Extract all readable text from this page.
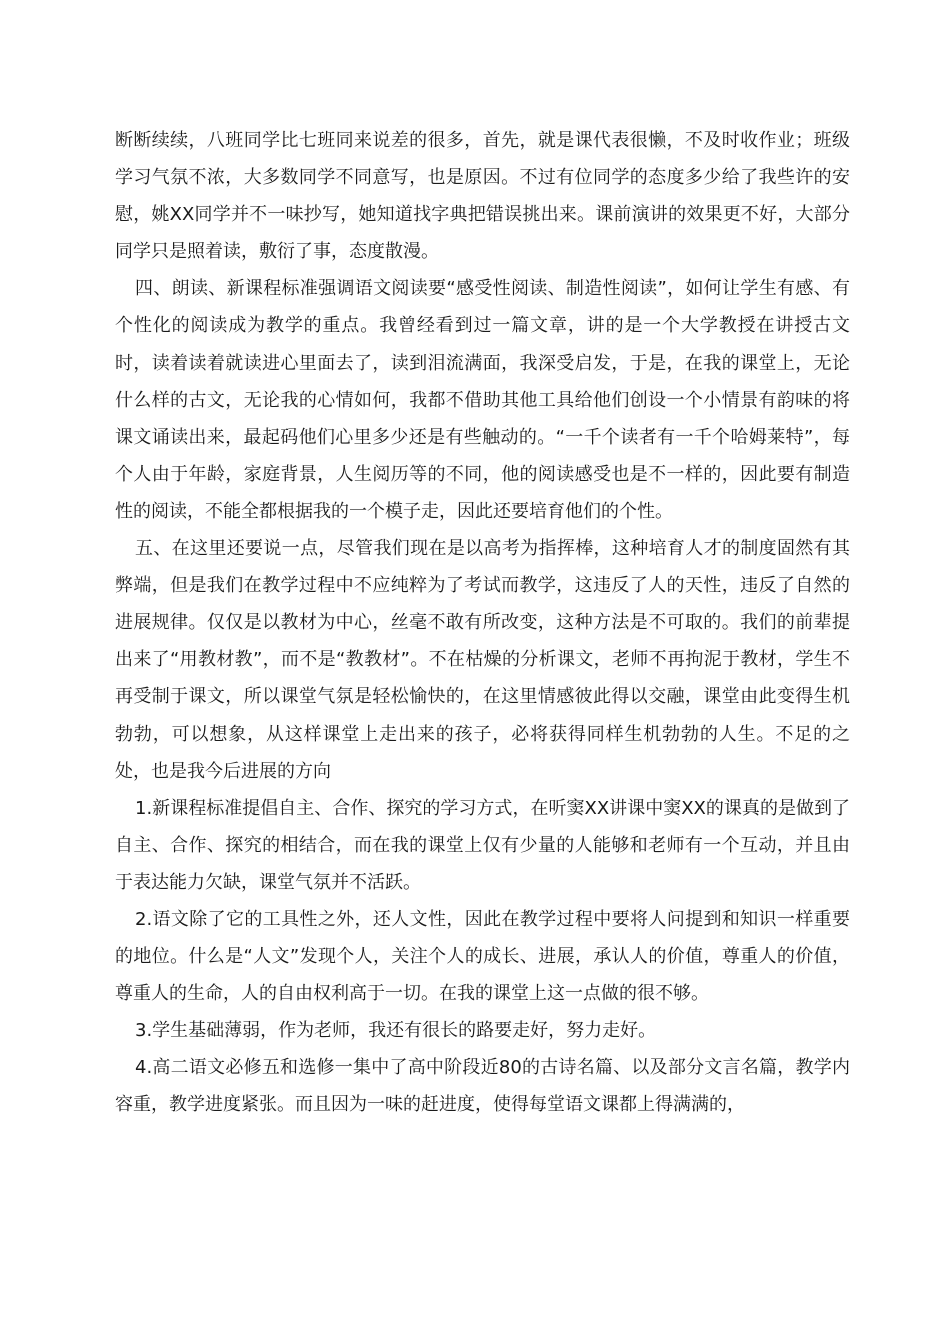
断断续续，八班同学比七班同来说差的很多，首先，就是课代表很懒，不及时收作业；班级学习气氛不浓，大多数同学不同意写，也是原因。不过有位同学的态度多少给了我些许的安慰，姚XX同学并不一味抄写，她知道找字典把错误挑出来。课前演讲的效果更不好，大部分同学只是照着读，敷衍了事，态度散漫。

四、朗读、新课程标准强调语文阅读要“感受性阅读、制造性阅读”，如何让学生有感、有个性化的阅读成为教学的重点。我曾经看到过一篇文章，讲的是一个大学教授在讲授古文时，读着读着就读进心里面去了，读到泪流满面，我深受启发，于是，在我的课堂上，无论什么样的古文，无论我的心情如何，我都不借助其他工具给他们创设一个小情景有韵味的将课文诵读出来，最起码他们心里多少还是有些触动的。“一千个读者有一千个哈姆莱特”，每个人由于年龄，家庭背景，人生阅历等的不同，他的阅读感受也是不一样的，因此要有制造性的阅读，不能全都根据我的一个模子走，因此还要培育他们的个性。

五、在这里还要说一点，尽管我们现在是以高考为指挥棒，这种培育人才的制度固然有其弊端，但是我们在教学过程中不应纯粹为了考试而教学，这违反了人的天性，违反了自然的进展规律。仅仅是以教材为中心，丝毫不敢有所改变，这种方法是不可取的。我们的前辈提出来了“用教材教”，而不是“教教材”。不在枯燥的分析课文，老师不再拘泥于教材，学生不再受制于课文，所以课堂气氛是轻松愉快的，在这里情感彼此得以交融，课堂由此变得生机勃勃，可以想象，从这样课堂上走出来的孩子，必将获得同样生机勃勃的人生。不足的之处，也是我今后进展的方向

1.新课程标准提倡自主、合作、探究的学习方式，在听窦XX讲课中窦XX的课真的是做到了自主、合作、探究的相结合，而在我的课堂上仅有少量的人能够和老师有一个互动，并且由于表达能力欠缺，课堂气氛并不活跃。

2.语文除了它的工具性之外，还人文性，因此在教学过程中要将人问提到和知识一样重要的地位。什么是“人文”发现个人，关注个人的成长、进展，承认人的价值，尊重人的价值，尊重人的生命，人的自由权利高于一切。在我的课堂上这一点做的很不够。

3.学生基础薄弱，作为老师，我还有很长的路要走好，努力走好。

4.高二语文必修五和选修一集中了高中阶段近80的古诗名篇、以及部分文言名篇，教学内容重，教学进度紧张。而且因为一味的赶进度，使得每堂语文课都上得满满的，
